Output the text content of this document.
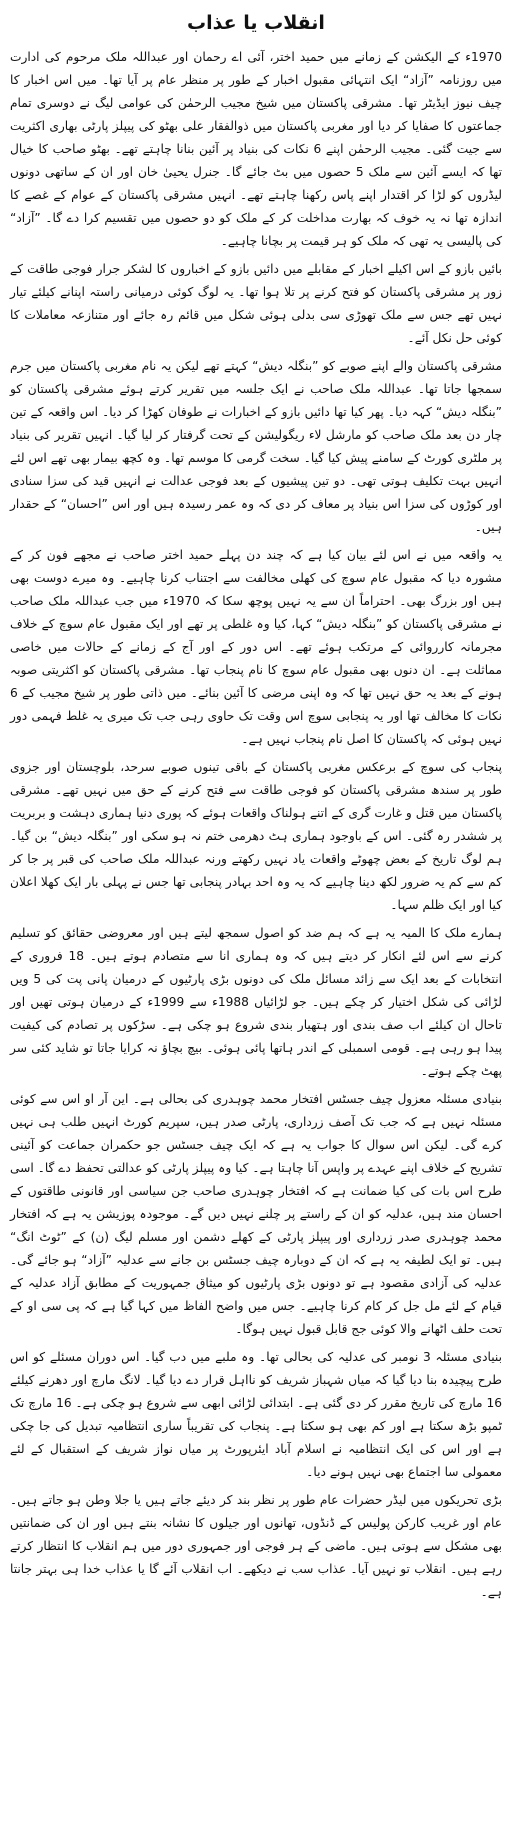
انقلاب یا عذاب

1970ء کے الیکشن کے زمانے میں حمید اختر، آئی اے رحمان اور عبداللہ ملک مرحوم کی ادارت میں روزنامہ ”آزاد“ ایک انتہائی مقبول اخبار کے طور پر منظر عام پر آیا تھا۔ میں اس اخبار کا چیف نیوز ایڈیٹر تھا۔ مشرقی پاکستان میں شیخ مجیب الرحمٰن کی عوامی لیگ نے دوسری تمام جماعتوں کا صفایا کر دیا اور مغربی پاکستان میں ذوالفقار علی بھٹو کی پیپلز پارٹی بھاری اکثریت سے جیت گئی۔ مجیب الرحمٰن اپنے 6 نکات کی بنیاد پر آئین بنانا چاہتے تھے۔ بھٹو صاحب کا خیال تھا کہ ایسے آئین سے ملک 5 حصوں میں بٹ جائے گا۔ جنرل یحییٰ خان اور ان کے ساتھی دونوں لیڈروں کو لڑا کر اقتدار اپنے پاس رکھنا چاہتے تھے۔ انہیں مشرقی پاکستان کے عوام کے غصے کا اندازہ تھا نہ یہ خوف کہ بھارت مداخلت کر کے ملک کو دو حصوں میں تقسیم کرا دے گا۔ ”آزاد“ کی پالیسی یہ تھی کہ ملک کو ہر قیمت پر بچانا چاہیے۔

بائیں بازو کے اس اکیلے اخبار کے مقابلے میں دائیں بازو کے اخباروں کا لشکر جرار فوجی طاقت کے زور پر مشرقی پاکستان کو فتح کرنے پر تلا ہوا تھا۔ یہ لوگ کوئی درمیانی راستہ اپنانے کیلئے تیار نہیں تھے جس سے ملک تھوڑی سی بدلی ہوئی شکل میں قائم رہ جائے اور متنازعہ معاملات کا کوئی حل نکل آئے۔

مشرقی پاکستان والے اپنے صوبے کو ”بنگلہ دیش“ کہتے تھے لیکن یہ نام مغربی پاکستان میں جرم سمجھا جاتا تھا۔ عبداللہ ملک صاحب نے ایک جلسہ میں تقریر کرتے ہوئے مشرقی پاکستان کو ”بنگلہ دیش“ کہہ دیا۔ پھر کیا تھا دائیں بازو کے اخبارات نے طوفان کھڑا کر دیا۔ اس واقعہ کے تین چار دن بعد ملک صاحب کو مارشل لاء ریگولیشن کے تحت گرفتار کر لیا گیا۔ انہیں تقریر کی بنیاد پر ملٹری کورٹ کے سامنے پیش کیا گیا۔ سخت گرمی کا موسم تھا۔ وہ کچھ بیمار بھی تھے اس لئے انہیں بہت تکلیف ہوتی تھی۔ دو تین پیشیوں کے بعد فوجی عدالت نے انہیں قید کی سزا سنادی اور کوڑوں کی سزا اس بنیاد پر معاف کر دی کہ وہ عمر رسیدہ ہیں اور اس ”احسان“ کے حقدار ہیں۔

یہ واقعہ میں نے اس لئے بیان کیا ہے کہ چند دن پہلے حمید اختر صاحب نے مجھے فون کر کے مشورہ دیا کہ مقبول عام سوچ کی کھلی مخالفت سے اجتناب کرنا چاہیے۔ وہ میرے دوست بھی ہیں اور بزرگ بھی۔ احتراماً ان سے یہ نہیں پوچھ سکا کہ 1970ء میں جب عبداللہ ملک صاحب نے مشرقی پاکستان کو ”بنگلہ دیش“ کہا، کیا وہ غلطی پر تھے اور ایک مقبول عام سوچ کے خلاف مجرمانہ کارروائی کے مرتکب ہوئے تھے۔ اس دور کے اور آج کے زمانے کے حالات میں خاصی مماثلت ہے۔ ان دنوں بھی مقبول عام سوچ کا نام پنجاب تھا۔ مشرقی پاکستان کو اکثریتی صوبہ ہونے کے بعد یہ حق نہیں تھا کہ وہ اپنی مرضی کا آئین بنائے۔ میں ذاتی طور پر شیخ مجیب کے 6 نکات کا مخالف تھا اور یہ پنجابی سوچ اس وقت تک حاوی رہی جب تک میری یہ غلط فہمی دور نہیں ہوئی کہ پاکستان کا اصل نام پنجاب نہیں ہے۔

پنجاب کی سوچ کے برعکس مغربی پاکستان کے باقی تینوں صوبے سرحد، بلوچستان اور جزوی طور پر سندھ مشرقی پاکستان کو فوجی طاقت سے فتح کرنے کے حق میں نہیں تھے۔ مشرقی پاکستان میں قتل و غارت گری کے اتنے ہولناک واقعات ہوئے کہ پوری دنیا ہماری دہشت و بربریت پر ششدر رہ گئی۔ اس کے باوجود ہماری ہٹ دھرمی ختم نہ ہو سکی اور ”بنگلہ دیش“ بن گیا۔ ہم لوگ تاریخ کے بعض چھوٹے واقعات یاد نہیں رکھتے ورنہ عبداللہ ملک صاحب کی قبر پر جا کر کم سے کم یہ ضرور لکھ دینا چاہیے کہ یہ وہ احد بہادر پنجابی تھا جس نے پہلی بار ایک کھلا اعلان کیا اور ایک ظلم سہا۔

ہمارے ملک کا المیہ یہ ہے کہ ہم ضد کو اصول سمجھ لیتے ہیں اور معروضی حقائق کو تسلیم کرنے سے اس لئے انکار کر دیتے ہیں کہ وہ ہماری انا سے متصادم ہوتے ہیں۔ 18 فروری کے انتخابات کے بعد ایک سے زائد مسائل ملک کی دونوں بڑی پارٹیوں کے درمیان پانی پت کی 5 ویں لڑائی کی شکل اختیار کر چکے ہیں۔ جو لڑائیاں 1988ء سے 1999ء کے درمیان ہوتی تھیں اور تاحال ان کیلئے اب صف بندی اور ہتھیار بندی شروع ہو چکی ہے۔ سڑکوں پر تصادم کی کیفیت پیدا ہو رہی ہے۔ قومی اسمبلی کے اندر ہاتھا پائی ہوئی۔ بیچ بچاؤ نہ کرایا جاتا تو شاید کئی سر پھٹ چکے ہوتے۔

بنیادی مسئلہ معزول چیف جسٹس افتخار محمد چوہدری کی بحالی ہے۔ این آر او اس سے کوئی مسئلہ نہیں ہے کہ جب تک آصف زرداری، پارٹی صدر ہیں، سپریم کورٹ انہیں طلب ہی نہیں کرے گی۔ لیکن اس سوال کا جواب یہ ہے کہ ایک چیف جسٹس جو حکمران جماعت کو آئینی تشریح کے خلاف اپنے عہدے پر واپس آنا چاہتا ہے۔ کیا وہ پیپلز پارٹی کو عدالتی تحفظ دے گا۔ اسی طرح اس بات کی کیا ضمانت ہے کہ افتخار چوہدری صاحب جن سیاسی اور قانونی طاقتوں کے احسان مند ہیں، عدلیہ کو ان کے راستے پر چلنے نہیں دیں گے۔ موجودہ پوزیشن یہ ہے کہ افتخار محمد چوہدری صدر زرداری اور پیپلز پارٹی کے کھلے دشمن اور مسلم لیگ (ن) کے ”ٹوٹ انگ“ ہیں۔ تو ایک لطیفہ یہ ہے کہ ان کے دوبارہ چیف جسٹس بن جانے سے عدلیہ ”آزاد“ ہو جائے گی۔ عدلیہ کی آزادی مقصود ہے تو دونوں بڑی پارٹیوں کو میثاق جمہوریت کے مطابق آزاد عدلیہ کے قیام کے لئے مل جل کر کام کرنا چاہیے۔ جس میں واضح الفاظ میں کہا گیا ہے کہ پی سی او کے تحت حلف اٹھانے والا کوئی جج قابل قبول نہیں ہوگا۔

بنیادی مسئلہ 3 نومبر کی عدلیہ کی بحالی تھا۔ وہ ملبے میں دب گیا۔ اس دوران مسئلے کو اس طرح پیچیدہ بنا دیا گیا کہ میاں شہباز شریف کو نااہل قرار دے دیا گیا۔ لانگ مارچ اور دھرنے کیلئے 16 مارچ کی تاریخ مقرر کر دی گئی ہے۔ ابتدائی لڑائی ابھی سے شروع ہو چکی ہے۔ 16 مارچ تک ٹمپو بڑھ سکتا ہے اور کم بھی ہو سکتا ہے۔ پنجاب کی تقریباً ساری انتظامیہ تبدیل کی جا چکی ہے اور اس کی ایک انتظامیہ نے اسلام آباد ایئرپورٹ پر میاں نواز شریف کے استقبال کے لئے معمولی سا اجتماع بھی نہیں ہونے دیا۔

بڑی تحریکوں میں لیڈر حضرات عام طور پر نظر بند کر دیئے جاتے ہیں یا جلا وطن ہو جاتے ہیں۔ عام اور غریب کارکن پولیس کے ڈنڈوں، تھانوں اور جیلوں کا نشانہ بنتے ہیں اور ان کی ضمانتیں بھی مشکل سے ہوتی ہیں۔ ماضی کے ہر فوجی اور جمہوری دور میں ہم انقلاب کا انتظار کرتے رہے ہیں۔ انقلاب تو نہیں آیا۔ عذاب سب نے دیکھے۔ اب انقلاب آئے گا یا عذاب خدا ہی بہتر جانتا ہے۔
